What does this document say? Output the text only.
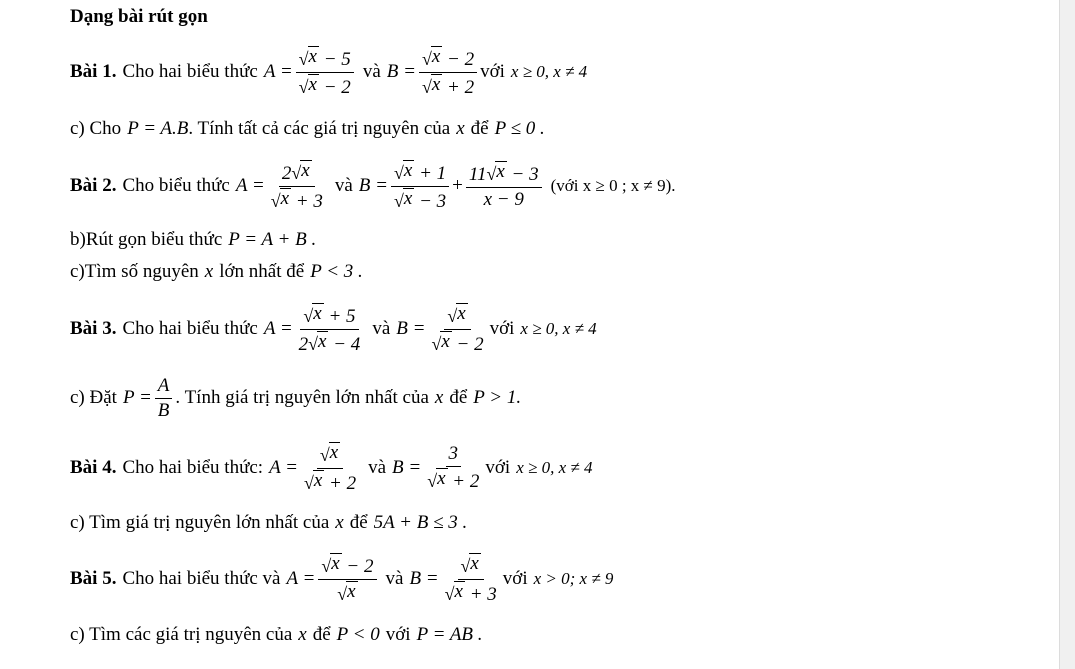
Dạng bài rút gọn
Bài 1. Cho hai biểu thức $A = \frac{√ x - 5}{√ x - 2}$ và $B = \frac{√ x - 2}{√ x + 2}$ với x ≥ 0, x ≠ 4
c) Cho P = A.B . Tính tất cả các giá trị nguyên của x để P ≤ 0 .
Bài 2. Cho biểu thức $A = \frac{2 √ x}{√ x + 3}$ và $B = \frac{√ x + 1}{√ x - 3} + \frac{11 √ x - 3}{x - 9}$ (với x ≥ 0 ; x ≠ 9).
b)Rút gọn biểu thức P = A + B .
c)Tìm số nguyên x lớn nhất để P < 3 .
Bài 3. Cho hai biểu thức $A = \frac{√ x + 5}{2 √ x - 4}$ và $B = \frac{√ x}{√ x - 2}$ với x ≥ 0, x ≠ 4
c) Đặt $P = \frac{A}{B}$ . Tính giá trị nguyên lớn nhất của x để P > 1.
Bài 4. Cho hai biểu thức: $A = \frac{√ x}{√ x + 2}$ và $B = \frac{3}{√ x + 2}$ với x ≥ 0, x ≠ 4
c) Tìm giá trị nguyên lớn nhất của x để 5A + B ≤ 3 .
Bài 5. Cho hai biểu thức và $A = \frac{√ x - 2}{√ x}$ và $B = \frac{√ x}{√ x + 3}$ với x > 0; x ≠ 9
c) Tìm các giá trị nguyên của x để P < 0 với P = AB .
